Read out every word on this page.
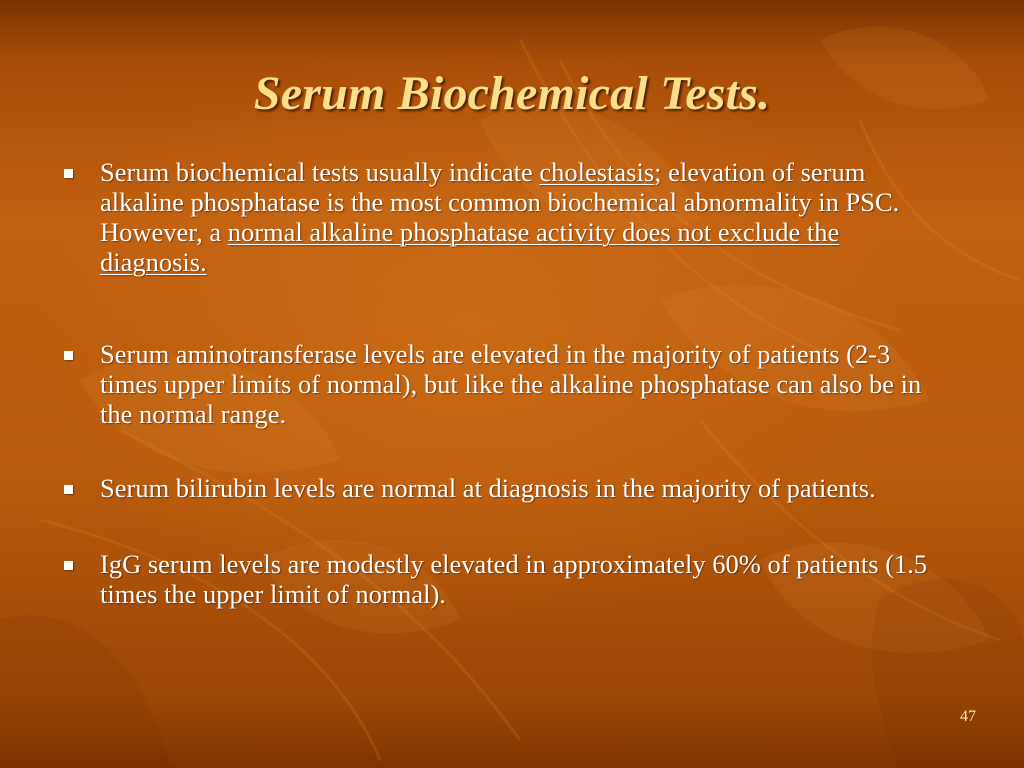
Serum Biochemical Tests.
Serum biochemical tests usually indicate cholestasis; elevation of serum alkaline phosphatase is the most common biochemical abnormality in PSC. However, a normal alkaline phosphatase activity does not exclude the diagnosis.
Serum aminotransferase levels are elevated in the majority of patients (2-3 times upper limits of normal), but like the alkaline phosphatase can also be in the normal range.
Serum bilirubin levels are normal at diagnosis in the majority of patients.
IgG serum levels are modestly elevated in approximately 60% of patients (1.5 times the upper limit of normal).
47
